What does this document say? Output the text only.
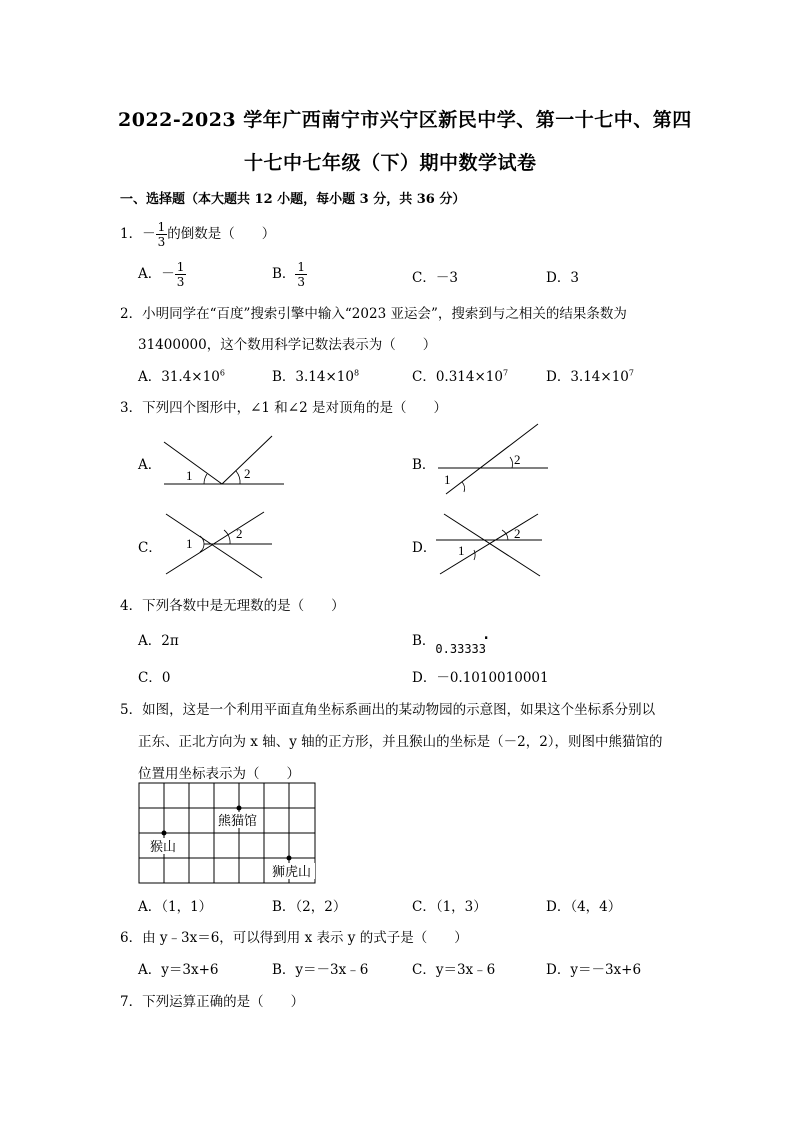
2022-2023 学年广西南宁市兴宁区新民中学、第一十七中、第四
十七中七年级（下）期中数学试卷
一、选择题（本大题共 12 小题，每小题 3 分，共 36 分）
1．－ $\frac{1}{3}$ 的倒数是（　　）
A．－ $\frac{1}{3}$	B． $\frac{1}{3}$	C．－3	D．3
2．小明同学在“百度”搜索引擎中输入“2023 亚运会”，搜索到与之相关的结果条数为
31400000，这个数用科学记数法表示为（　　）
A．$31.4\times 10^6$	B．$3.14\times 10^8$	C．$0.314\times 10^7$	D．$3.14\times 10^7$
3．下列四个图形中，∠1 和∠2 是对顶角的是（　　）
A．
1	2
B．	2
1
C． 1
2
D． 1
2
4．下列各数中是无理数的是（　　）
A．2π	B．0.33333 ·
C．0	D．－0.1010010001
5．如图，这是一个利用平面直角坐标系画出的某动物园的示意图，如果这个坐标系分别以
正东、正北方向为 x 轴、y 轴的正方形，并且猴山的坐标是（－2，2），则图中熊猫馆的
位置用坐标表示为（　　）
熊猫馆
猴山
狮虎山
A．（1，1）	B．（2，2）	C．（1，3）	D．（4，4）
6．由 y﹣3x＝6，可以得到用 x 表示 y 的式子是（　　）
A．y＝3x+6	B．y＝－3x﹣6	C．y＝3x﹣6	D．y＝－3x+6
7．下列运算正确的是（　　）
